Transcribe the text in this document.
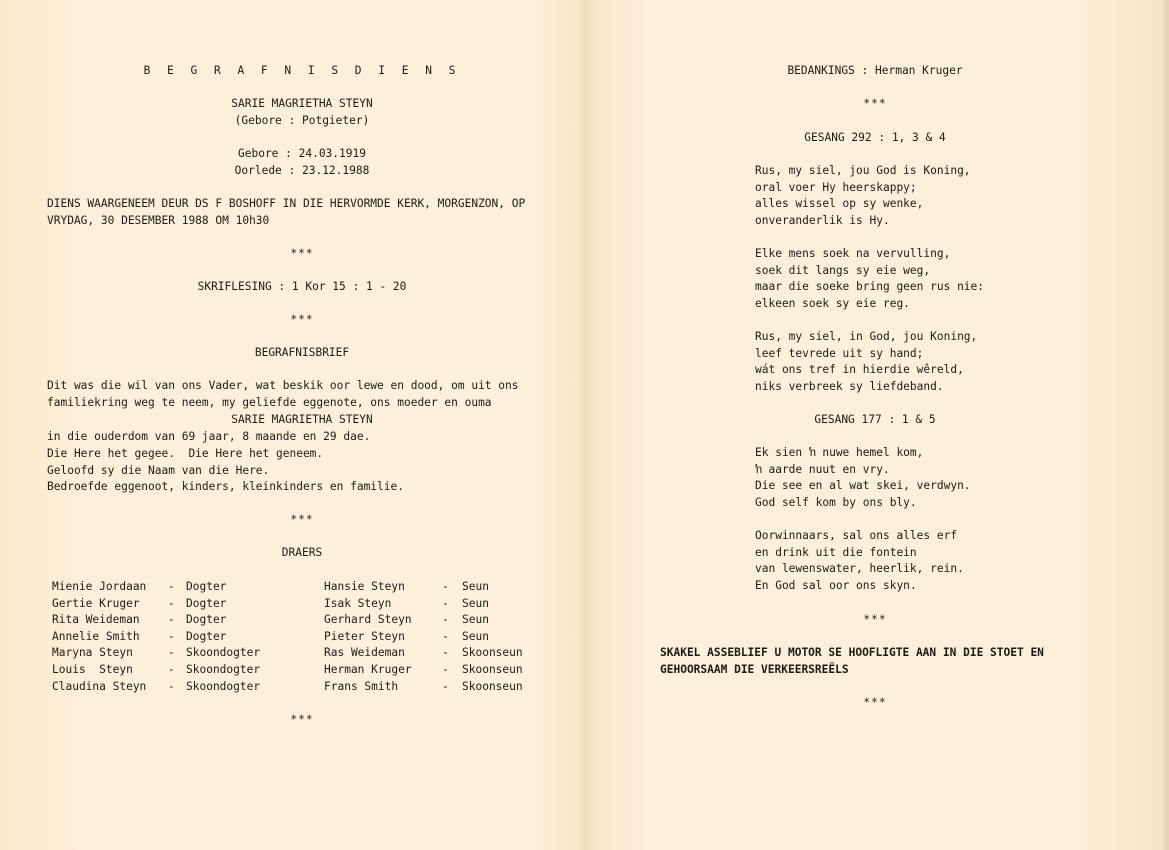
B E G R A F N I S D I E N S
SARIE MAGRIETHA STEYN
(Gebore : Potgieter)
Gebore : 24.03.1919
Oorlede : 23.12.1988
DIENS WAARGENEEM DEUR DS F BOSHOFF IN DIE HERVORMDE KERK, MORGENZON, OP
VRYDAG, 30 DESEMBER 1988 OM 10h30
***
SKRIFLESING : 1 Kor 15 : 1 - 20
***
BEGRAFNISBRIEF
Dit was die wil van ons Vader, wat beskik oor lewe en dood, om uit ons
familiekring weg te neem, my geliefde eggenote, ons moeder en ouma
SARIE MAGRIETHA STEYN
in die ouderdom van 69 jaar, 8 maande en 29 dae.
Die Here het gegee.  Die Here het geneem.
Geloofd sy die Naam van die Here.
Bedroefde eggenoot, kinders, kleinkinders en familie.
***
DRAERS
Mienie Jordaan	-	Dogter	Hansie Steyn	-	Seun
Gertie Kruger	-	Dogter	Isak Steyn	-	Seun
Rita Weideman	-	Dogter	Gerhard Steyn	-	Seun
Annelie Smith	-	Dogter	Pieter Steyn	-	Seun
Maryna Steyn	-	Skoondogter	Ras Weideman	-	Skoonseun
Louis  Steyn	-	Skoondogter	Herman Kruger	-	Skoonseun
Claudina Steyn	-	Skoondogter	Frans Smith	-	Skoonseun
***
BEDANKINGS : Herman Kruger
***
GESANG 292 : 1, 3 & 4
Rus, my siel, jou God is Koning,
oral voer Hy heerskappy;
alles wissel op sy wenke,
onveranderlik is Hy.
Elke mens soek na vervulling,
soek dit langs sy eie weg,
maar die soeke bring geen rus nie:
elkeen soek sy eie reg.
Rus, my siel, in God, jou Koning,
leef tevrede uit sy hand;
wát ons tref in hierdie wêreld,
niks verbreek sy liefdeband.
GESANG 177 : 1 & 5
Ek sien ŉ nuwe hemel kom,
ŉ aarde nuut en vry.
Die see en al wat skei, verdwyn.
God self kom by ons bly.
Oorwinnaars, sal ons alles erf
en drink uit die fontein
van lewenswater, heerlik, rein.
En God sal oor ons skyn.
***
SKAKEL ASSEBLIEF U MOTOR SE HOOFLIGTE AAN IN DIE STOET EN
GEHOORSAAM DIE VERKEERSREËLS
***
